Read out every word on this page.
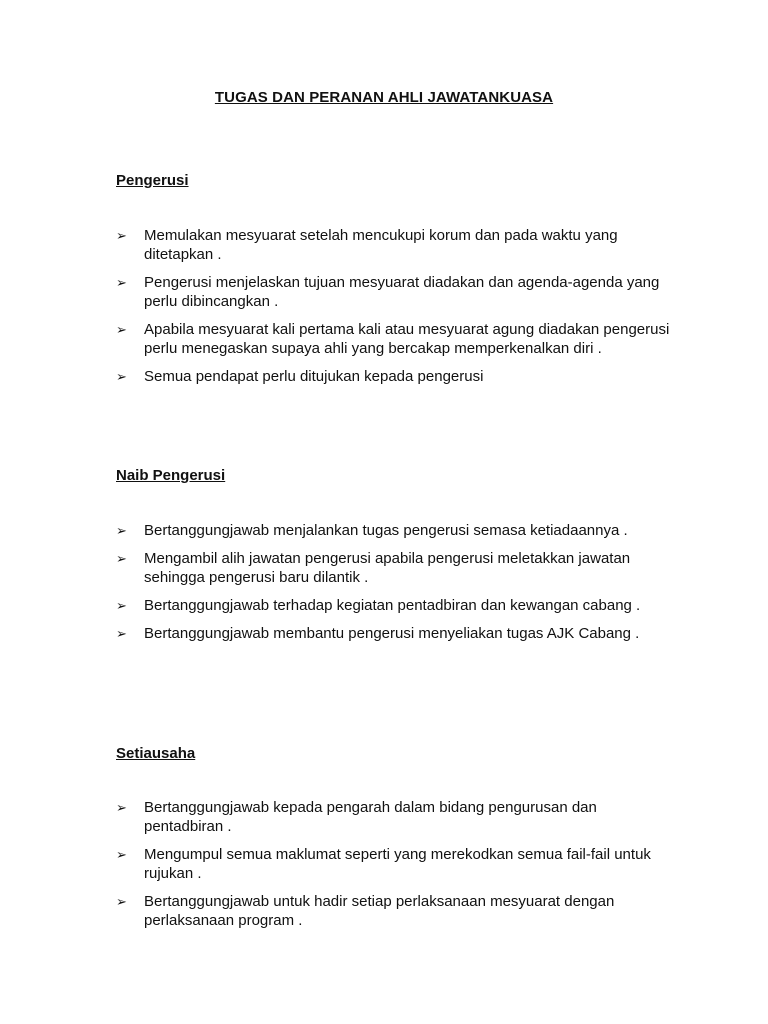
TUGAS DAN PERANAN AHLI JAWATANKUASA
Pengerusi
➢ Memulakan mesyuarat setelah mencukupi korum dan pada waktu yang ditetapkan .
➢ Pengerusi menjelaskan tujuan mesyuarat diadakan dan agenda-agenda yang perlu dibincangkan .
➢ Apabila mesyuarat kali pertama kali atau mesyuarat agung diadakan pengerusi perlu menegaskan supaya ahli yang bercakap memperkenalkan diri .
➢ Semua pendapat perlu ditujukan kepada pengerusi
Naib Pengerusi
➢ Bertanggungjawab menjalankan tugas pengerusi semasa ketiadaannya .
➢ Mengambil alih jawatan pengerusi apabila pengerusi meletakkan jawatan sehingga pengerusi baru dilantik .
➢ Bertanggungjawab terhadap kegiatan pentadbiran dan kewangan cabang .
➢ Bertanggungjawab membantu pengerusi menyeliakan tugas AJK Cabang .
Setiausaha
➢ Bertanggungjawab kepada pengarah dalam bidang pengurusan dan pentadbiran .
➢ Mengumpul semua maklumat seperti yang merekodkan semua fail-fail untuk rujukan .
➢ Bertanggungjawab untuk hadir setiap perlaksanaan mesyuarat dengan perlaksanaan program .
